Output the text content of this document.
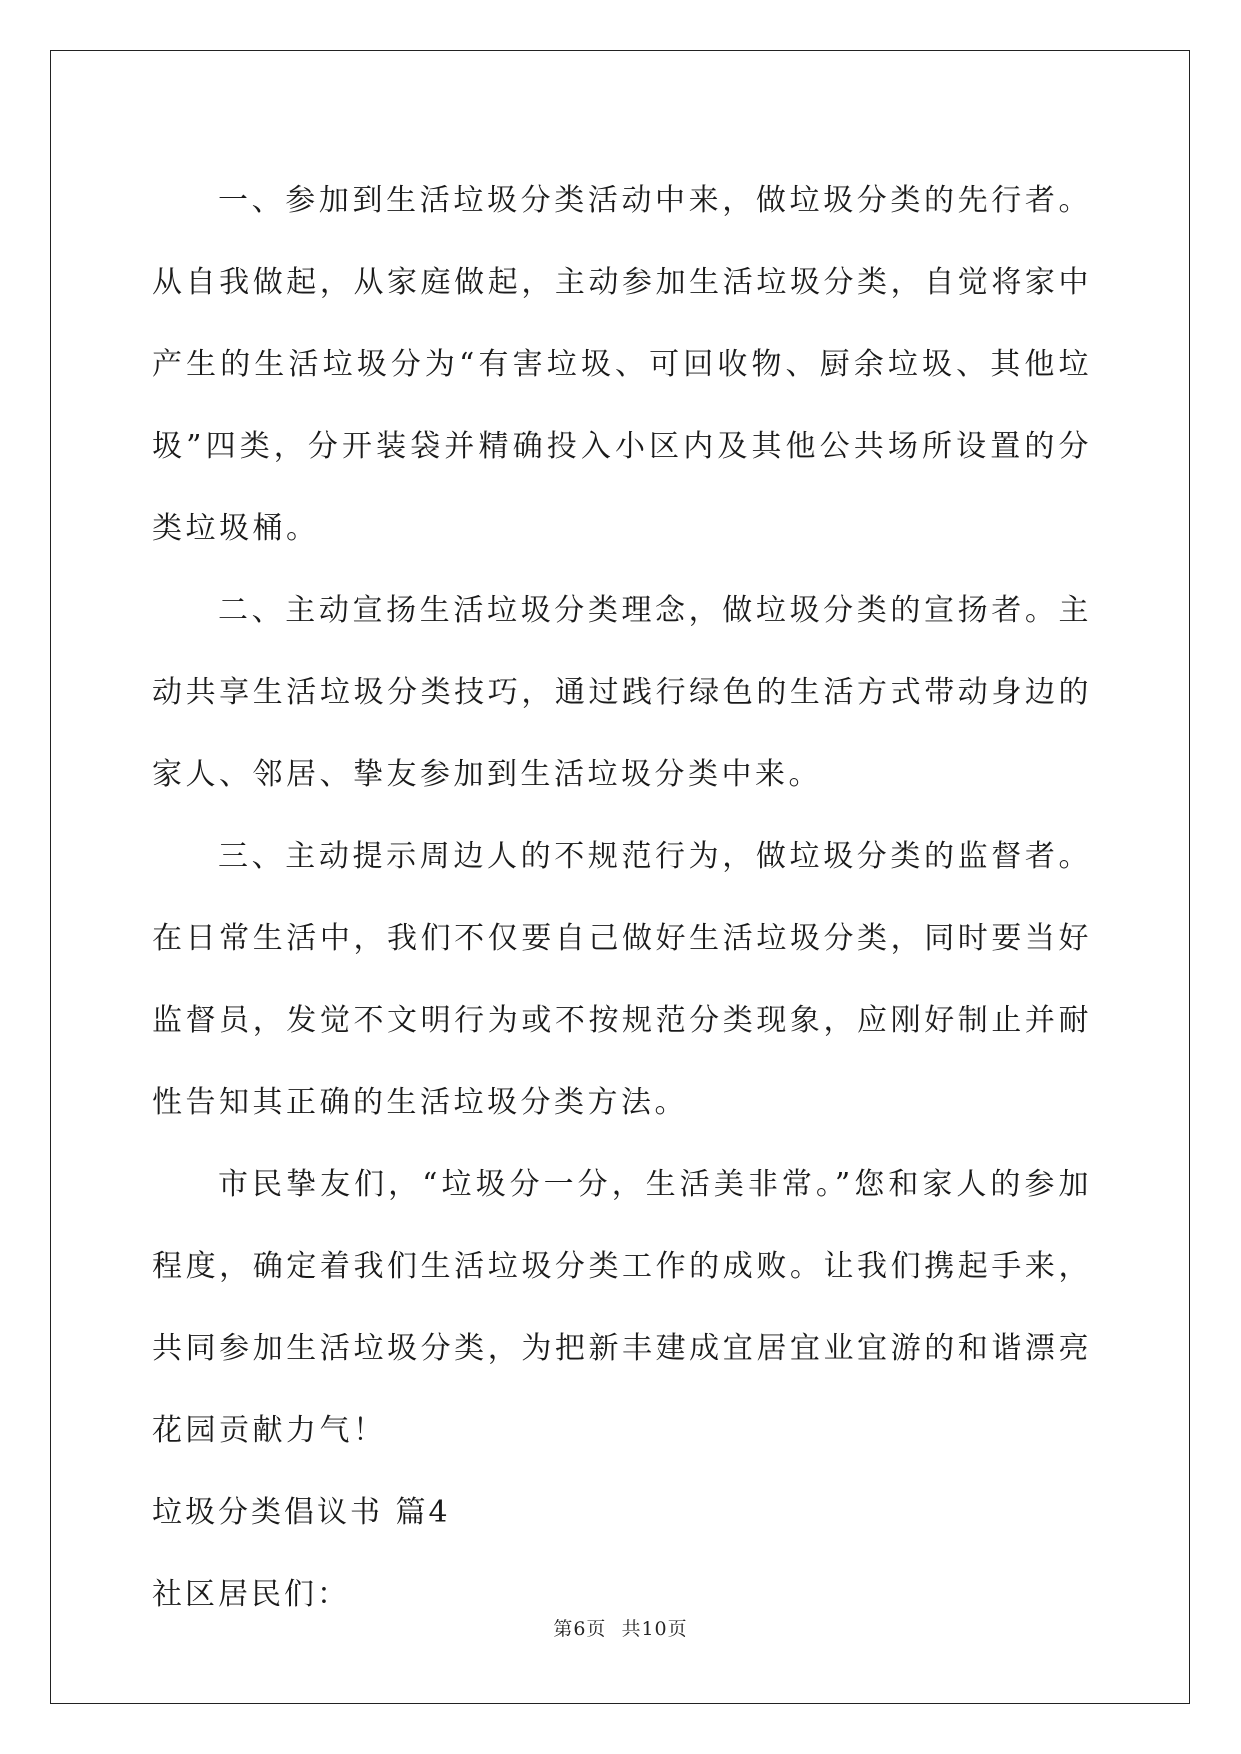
一、参加到生活垃圾分类活动中来，做垃圾分类的先行者。从自我做起，从家庭做起，主动参加生活垃圾分类，自觉将家中产生的生活垃圾分为“有害垃圾、可回收物、厨余垃圾、其他垃圾”四类，分开装袋并精确投入小区内及其他公共场所设置的分类垃圾桶。

二、主动宣扬生活垃圾分类理念，做垃圾分类的宣扬者。主动共享生活垃圾分类技巧，通过践行绿色的生活方式带动身边的家人、邻居、挚友参加到生活垃圾分类中来。

三、主动提示周边人的不规范行为，做垃圾分类的监督者。在日常生活中，我们不仅要自己做好生活垃圾分类，同时要当好监督员，发觉不文明行为或不按规范分类现象，应刚好制止并耐性告知其正确的生活垃圾分类方法。

市民挚友们，“垃圾分一分，生活美非常。”您和家人的参加程度，确定着我们生活垃圾分类工作的成败。让我们携起手来，共同参加生活垃圾分类，为把新丰建成宜居宜业宜游的和谐漂亮花园贡献力气！

垃圾分类倡议书 篇4

社区居民们：

第6页 共10页
